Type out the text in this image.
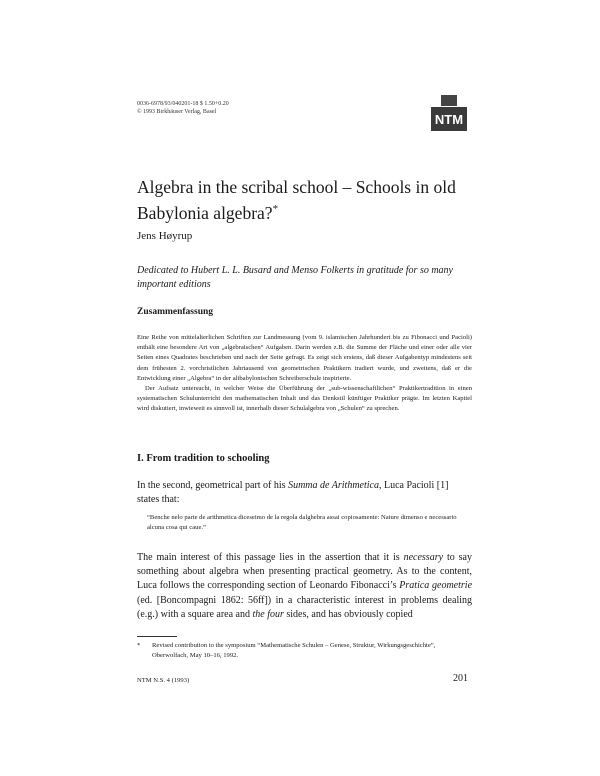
0036-6978/93/040201-18 $ 1.50+0.20
© 1993 Birkhäuser Verlag, Basel	NTM
Algebra in the scribal school – Schools in old Babylonia algebra?*
Jens Høyrup
Dedicated to Hubert L. L. Busard and Menso Folkerts in gratitude for so many important editions
Zusammenfassung

Eine Reihe von mittelalterlichen Schriften zur Landmessung (vom 9. islamischen Jahrhundert bis zu Fibonacci und Pacioli) enthält eine besondere Art von „algebraischen“ Aufgaben. Darin werden z.B. die Summe der Fläche und einer oder alle vier Seiten eines Quadrates beschrieben und nach der Seite gefragt. Es zeigt sich erstens, daß dieser Aufgabentyp mindestens seit dem frühesten 2. vorchristlichen Jahrtausend von geometrischen Praktikern tradiert wurde, und zweitens, daß er die Entwicklung einer „Algebra“ in der altbabylonischen Schreiberschule inspirierte.

Der Aufsatz untersucht, in welcher Weise die Überführung der „sub-wissenschaftlichen“ Praktikertradition in einen systematischen Schulunterricht den mathematischen Inhalt und das Denkstil künftiger Praktiker prägte. Im letzten Kapitel wird diskutiert, inwieweit es sinnvoll ist, innerhalb dieser Schulalgebra von „Schulen“ zu sprechen.

I. From tradition to schooling
In the second, geometrical part of his Summa de Arithmetica, Luca Pacioli [1] states that:
“Benche nelo parte de arithmetica diceseimo de la regola dalghebra assai copiosamente: Nature dimenso e necessario alcuna cosa qui caue.”
The main interest of this passage lies in the assertion that it is necessary to say something about algebra when presenting practical geometry. As to the content, Luca follows the corresponding section of Leonardo Fibonacci’s Pratica geometrie (ed. [Boncompagni 1862: 56ff]) in a characteristic interest in problems dealing (e.g.) with a square area and the four sides, and has obviously copied
*	Revised contribution to the symposium “Mathematische Schulen – Genese, Struktur, Wirkungsgeschichte”, Oberwolfach, May 10–16, 1992.
NTM N.S. 4 (1993)	201
